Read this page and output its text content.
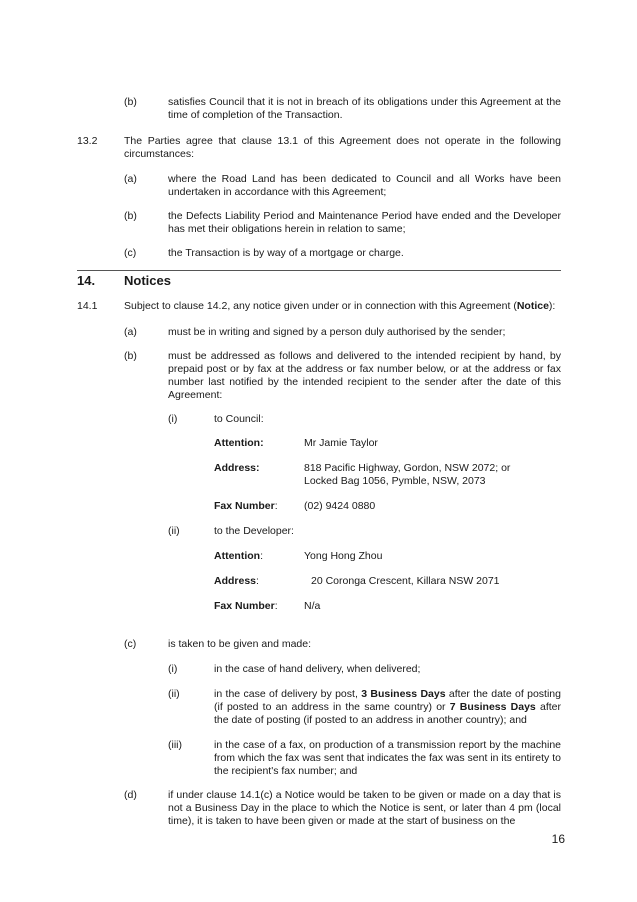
(b)	satisfies Council that it is not in breach of its obligations under this Agreement at the time of completion of the Transaction.
13.2	The Parties agree that clause 13.1 of this Agreement does not operate in the following circumstances:
(a)	where the Road Land has been dedicated to Council and all Works have been undertaken in accordance with this Agreement;
(b)	the Defects Liability Period and Maintenance Period have ended and the Developer has met their obligations herein in relation to same;
(c)	the Transaction is by way of a mortgage or charge.
14. Notices
14.1	Subject to clause 14.2, any notice given under or in connection with this Agreement (Notice):
(a)	must be in writing and signed by a person duly authorised by the sender;
(b)	must be addressed as follows and delivered to the intended recipient by hand, by prepaid post or by fax at the address or fax number below, or at the address or fax number last notified by the intended recipient to the sender after the date of this Agreement:
(i)	to Council:
Attention:	Mr Jamie Taylor
Address:	818 Pacific Highway, Gordon, NSW 2072; or
Locked Bag 1056, Pymble, NSW, 2073
Fax Number:	(02) 9424 0880
(ii)	to the Developer:
Attention:	Yong Hong Zhou
Address:	20 Coronga Crescent, Killara NSW 2071
Fax Number:	N/a
(c)	is taken to be given and made:
(i)	in the case of hand delivery, when delivered;
(ii)	in the case of delivery by post, 3 Business Days after the date of posting (if posted to an address in the same country) or 7 Business Days after the date of posting (if posted to an address in another country); and
(iii)	in the case of a fax, on production of a transmission report by the machine from which the fax was sent that indicates the fax was sent in its entirety to the recipient's fax number; and
(d)	if under clause 14.1(c) a Notice would be taken to be given or made on a day that is not a Business Day in the place to which the Notice is sent, or later than 4 pm (local time), it is taken to have been given or made at the start of business on the
16
